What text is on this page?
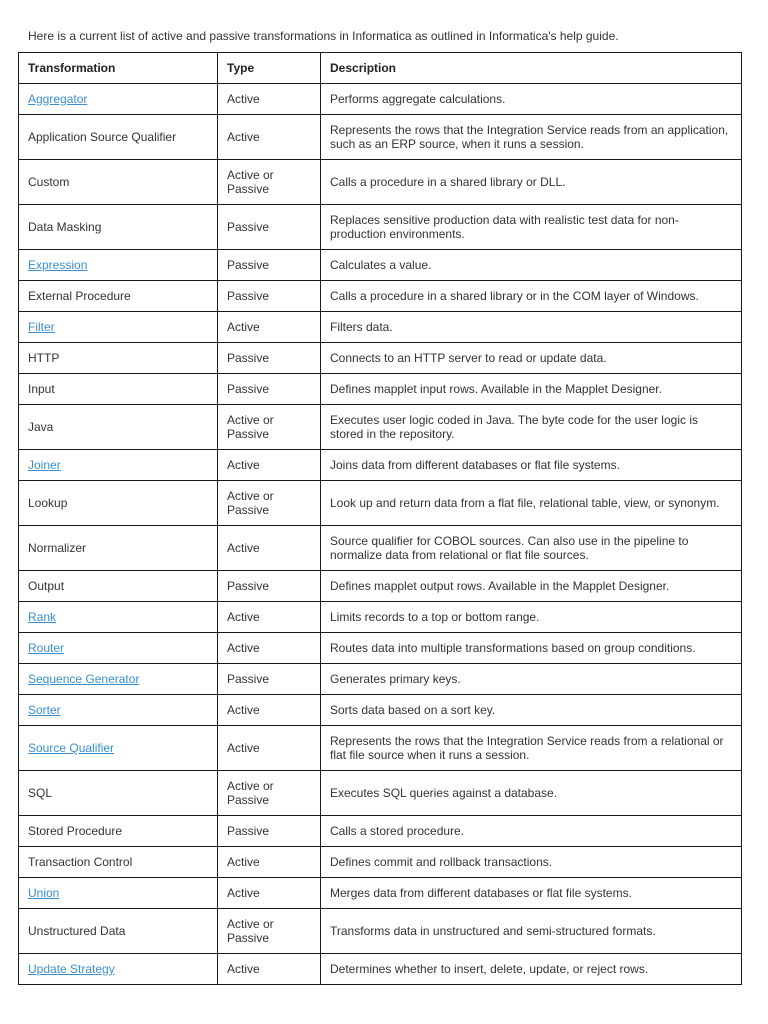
Here is a current list of active and passive transformations in Informatica as outlined in Informatica's help guide.

Transformation	Type	Description
Aggregator	Active	Performs aggregate calculations.
Application Source Qualifier	Active	Represents the rows that the Integration Service reads from an application, such as an ERP source, when it runs a session.
Custom	Active or Passive	Calls a procedure in a shared library or DLL.
Data Masking	Passive	Replaces sensitive production data with realistic test data for non-production environments.
Expression	Passive	Calculates a value.
External Procedure	Passive	Calls a procedure in a shared library or in the COM layer of Windows.
Filter	Active	Filters data.
HTTP	Passive	Connects to an HTTP server to read or update data.
Input	Passive	Defines mapplet input rows. Available in the Mapplet Designer.
Java	Active or Passive	Executes user logic coded in Java. The byte code for the user logic is stored in the repository.
Joiner	Active	Joins data from different databases or flat file systems.
Lookup	Active or Passive	Look up and return data from a flat file, relational table, view, or synonym.
Normalizer	Active	Source qualifier for COBOL sources. Can also use in the pipeline to normalize data from relational or flat file sources.
Output	Passive	Defines mapplet output rows. Available in the Mapplet Designer.
Rank	Active	Limits records to a top or bottom range.
Router	Active	Routes data into multiple transformations based on group conditions.
Sequence Generator	Passive	Generates primary keys.
Sorter	Active	Sorts data based on a sort key.
Source Qualifier	Active	Represents the rows that the Integration Service reads from a relational or flat file source when it runs a session.
SQL	Active or Passive	Executes SQL queries against a database.
Stored Procedure	Passive	Calls a stored procedure.
Transaction Control	Active	Defines commit and rollback transactions.
Union	Active	Merges data from different databases or flat file systems.
Unstructured Data	Active or Passive	Transforms data in unstructured and semi-structured formats.
Update Strategy	Active	Determines whether to insert, delete, update, or reject rows.
